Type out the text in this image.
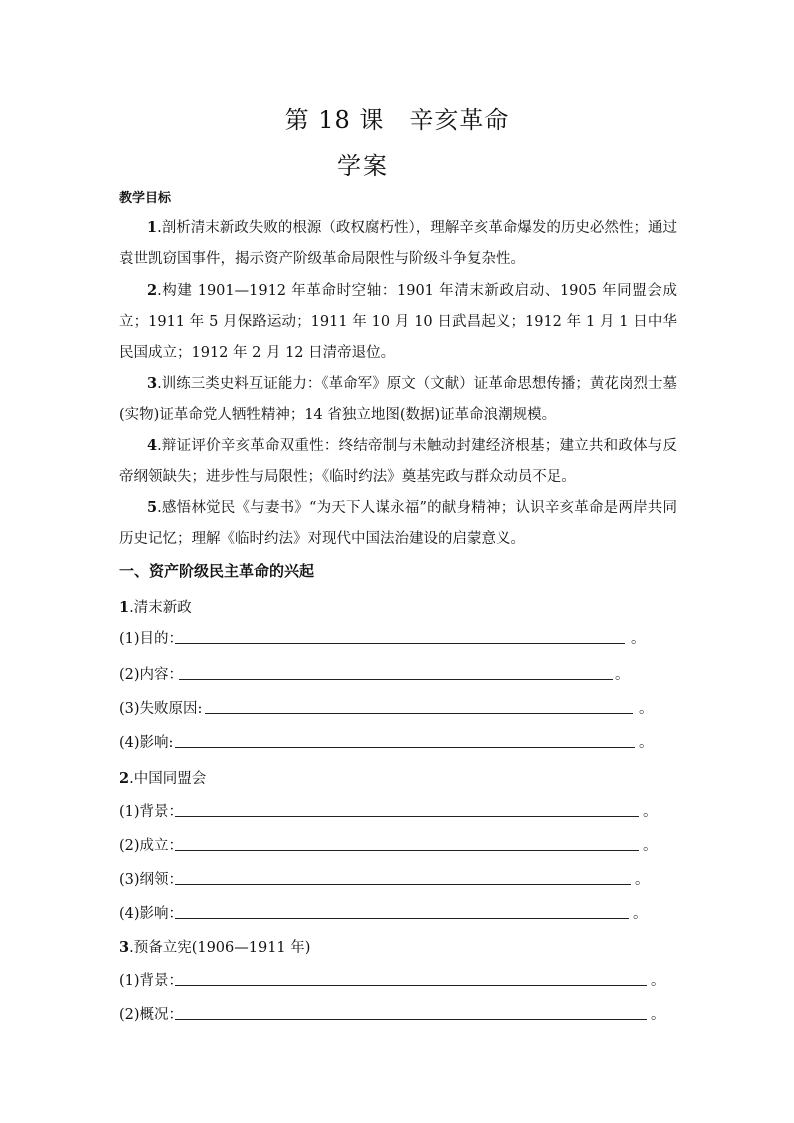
第 18 课　辛亥革命
学案
教学目标
1.剖析清末新政失败的根源（政权腐朽性），理解辛亥革命爆发的历史必然性；通过袁世凯窃国事件，揭示资产阶级革命局限性与阶级斗争复杂性。
2.构建 1901—1912 年革命时空轴：1901 年清末新政启动、1905 年同盟会成立；1911 年 5 月保路运动；1911 年 10 月 10 日武昌起义；1912 年 1 月 1 日中华民国成立；1912 年 2 月 12 日清帝退位。
3.训练三类史料互证能力：《革命军》原文（文献）证革命思想传播；黄花岗烈士墓(实物)证革命党人牺牲精神；14 省独立地图(数据)证革命浪潮规模。
4.辩证评价辛亥革命双重性：终结帝制与未触动封建经济根基；建立共和政体与反帝纲领缺失；进步性与局限性；《临时约法》奠基宪政与群众动员不足。
5.感悟林觉民《与妻书》“为天下人谋永福”的献身精神；认识辛亥革命是两岸共同历史记忆；理解《临时约法》对现代中国法治建设的启蒙意义。
一、资产阶级民主革命的兴起
1.清末新政
(1)目的：	。
(2)内容：	。
(3)失败原因:	。
(4)影响:	。
2.中国同盟会
(1)背景：	。
(2)成立：	。
(3)纲领：	。
(4)影响：	。
3.预备立宪(1906—1911 年)
(1)背景：	。
(2)概况：	。
